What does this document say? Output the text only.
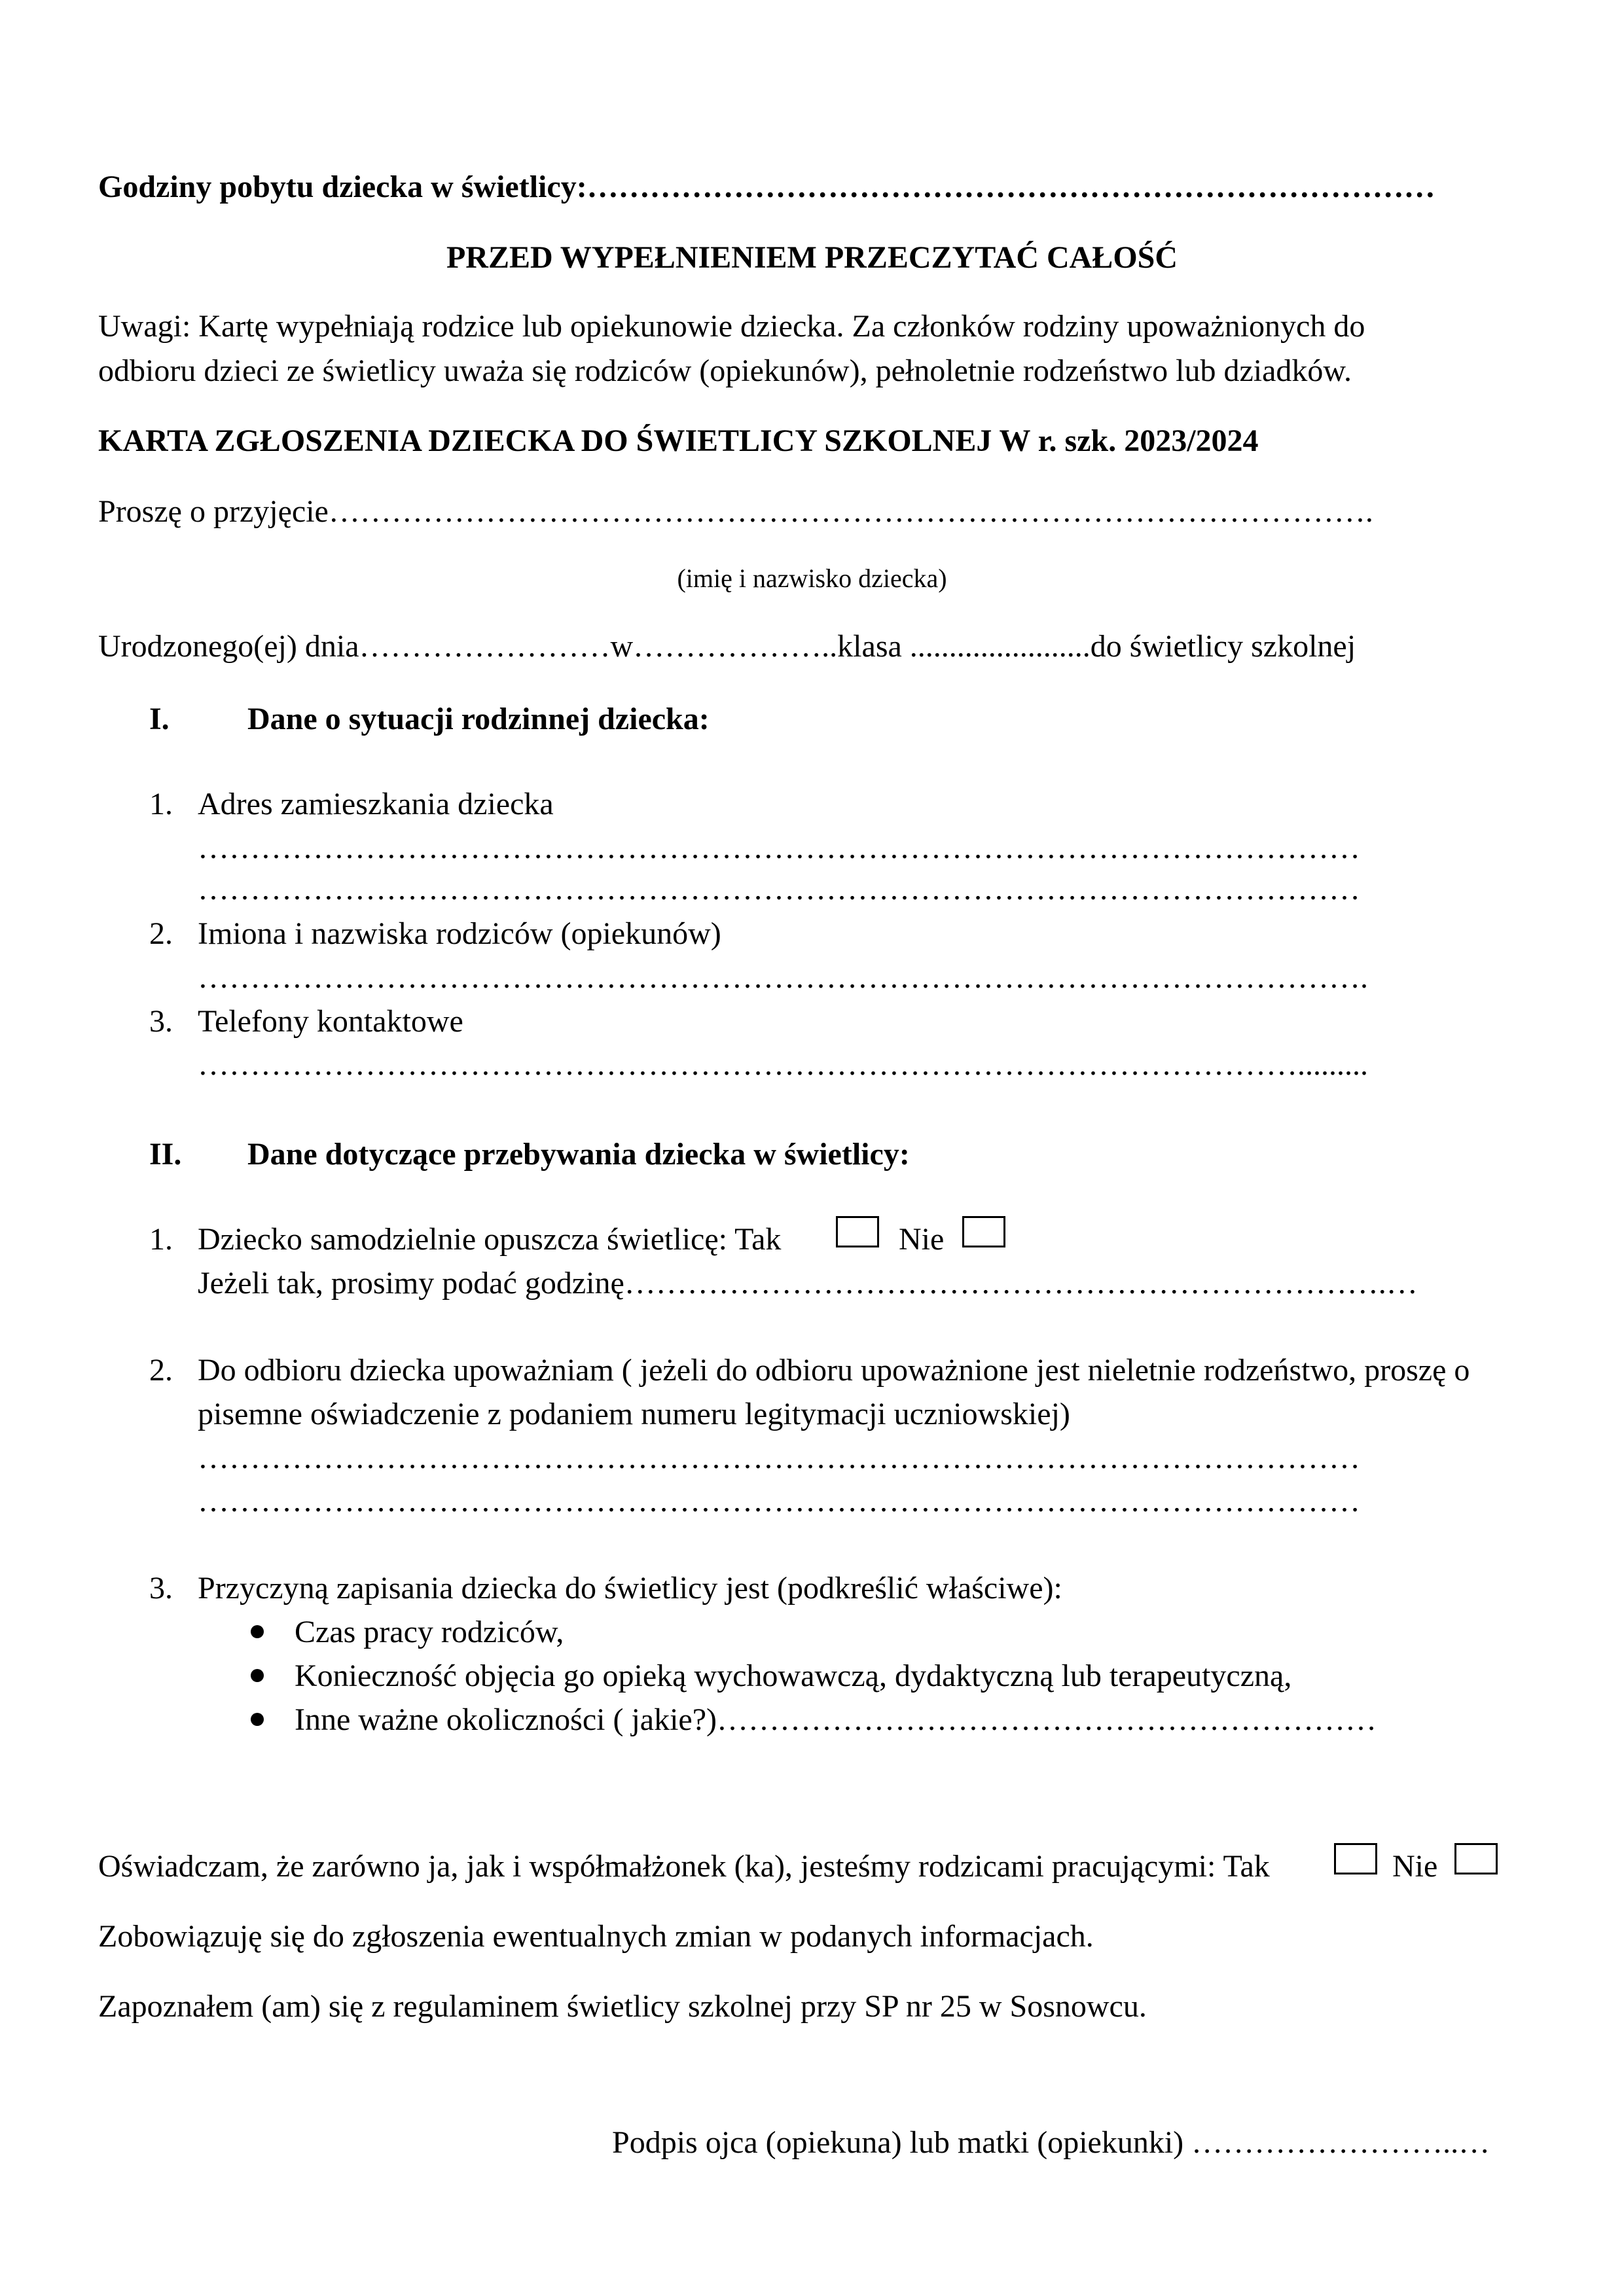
Godziny pobytu dziecka w świetlicy:………………………………………………………………………
PRZED WYPEŁNIENIEM PRZECZYTAĆ CAŁOŚĆ
Uwagi: Kartę wypełniają rodzice lub opiekunowie dziecka. Za członków rodziny upoważnionych do
odbioru dzieci ze świetlicy uważa się rodziców (opiekunów), pełnoletnie rodzeństwo lub dziadków.
KARTA ZGŁOSZENIA DZIECKA DO ŚWIETLICY SZKOLNEJ W r. szk. 2023/2024
Proszę o przyjęcie……………………………………………………………………………………….
(imię i nazwisko dziecka)
Urodzonego(ej) dnia……………………w………………..klasa .......................do świetlicy szkolnej
I. Dane o sytuacji rodzinnej dziecka:
1. Adres zamieszkania dziecka
…………………………………………………………………………………………………
…………………………………………………………………………………………………
2. Imiona i nazwiska rodziców (opiekunów)
………………………………………………………………………………………………….
3. Telefony kontaktowe
…………………………………………………………………………………………….........
II. Dane dotyczące przebywania dziecka w świetlicy:
1. Dziecko samodzielnie opuszcza świetlicę: Tak	Nie
Jeżeli tak, prosimy podać godzinę……………………………………………………………….…
2. Do odbioru dziecka upoważniam ( jeżeli do odbioru upoważnione jest nieletnie rodzeństwo, proszę o
pisemne oświadczenie z podaniem numeru legitymacji uczniowskiej)
…………………………………………………………………………………………………
…………………………………………………………………………………………………
3. Przyczyną zapisania dziecka do świetlicy jest (podkreślić właściwe):
Czas pracy rodziców,
Konieczność objęcia go opieką wychowawczą, dydaktyczną lub terapeutyczną,
Inne ważne okoliczności ( jakie?)………………………………………………………
Oświadczam, że zarówno ja, jak i współmałżonek (ka), jesteśmy rodzicami pracującymi: Tak	Nie
Zobowiązuję się do zgłoszenia ewentualnych zmian w podanych informacjach.
Zapoznałem (am) się z regulaminem świetlicy szkolnej przy SP nr 25 w Sosnowcu.
Podpis ojca (opiekuna) lub matki (opiekunki) ……………………..…
